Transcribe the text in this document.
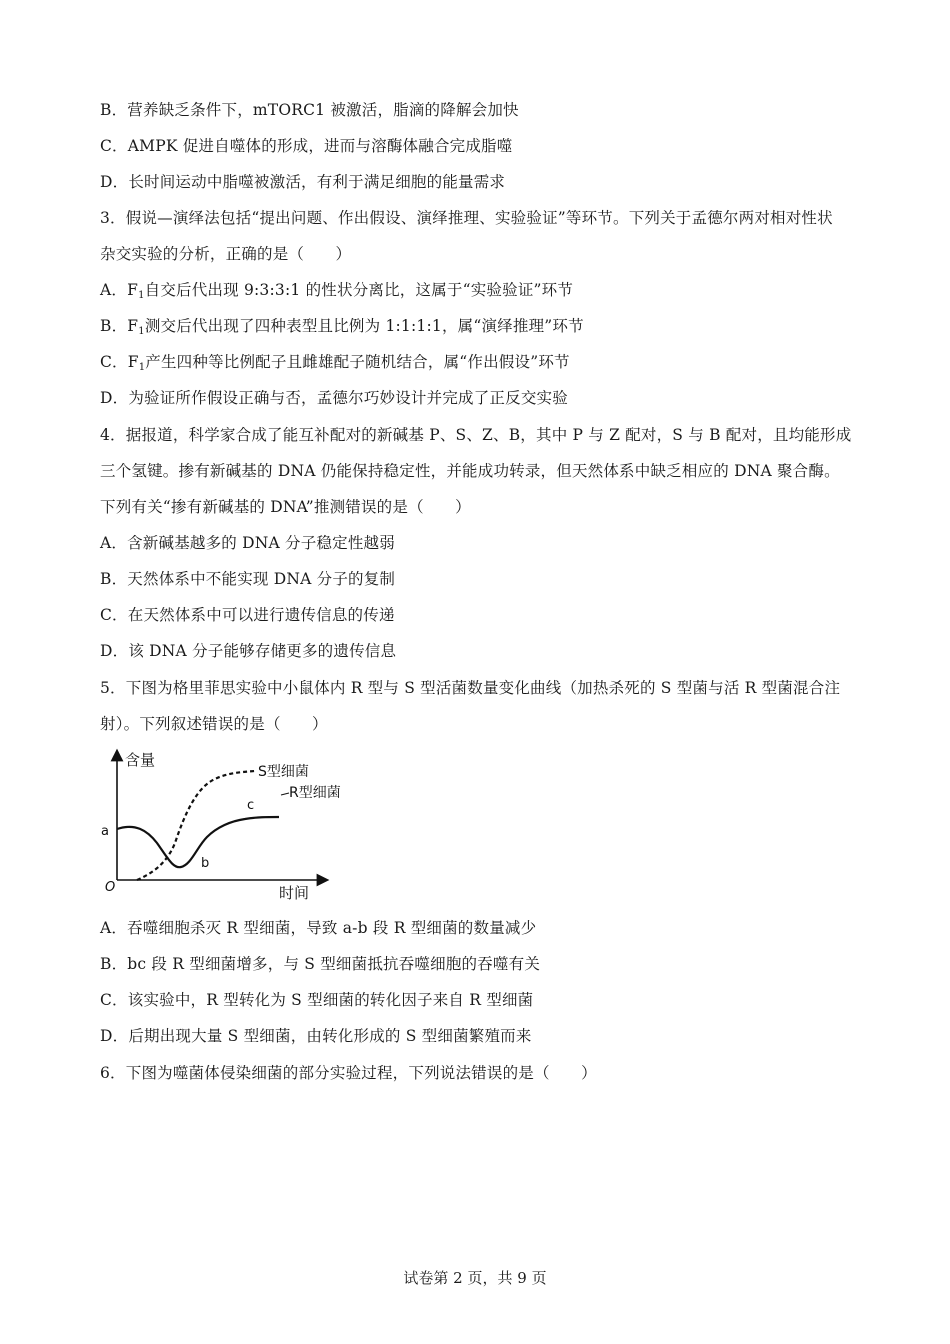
B．营养缺乏条件下，mTORC1 被激活，脂滴的降解会加快
C．AMPK 促进自噬体的形成，进而与溶酶体融合完成脂噬
D．长时间运动中脂噬被激活，有利于满足细胞的能量需求
3．假说—演绎法包括“提出问题、作出假设、演绎推理、实验验证”等环节。下列关于孟德尔两对相对性状
杂交实验的分析，正确的是（　　）
A．$F_1$自交后代出现 9:3:3:1 的性状分离比，这属于“实验验证”环节
B．$F_1$测交后代出现了四种表型且比例为 1:1:1:1，属“演绎推理”环节
C．$F_1$产生四种等比例配子且雌雄配子随机结合，属“作出假设”环节
D．为验证所作假设正确与否，孟德尔巧妙设计并完成了正反交实验
4．据报道，科学家合成了能互补配对的新碱基 P、S、Z、B，其中 P 与 Z 配对，S 与 B 配对，且均能形成
三个氢键。掺有新碱基的 DNA 仍能保持稳定性，并能成功转录，但天然体系中缺乏相应的 DNA 聚合酶。
下列有关“掺有新碱基的 DNA”推测错误的是（　　）
A．含新碱基越多的 DNA 分子稳定性越弱
B．天然体系中不能实现 DNA 分子的复制
C．在天然体系中可以进行遗传信息的传递
D．该 DNA 分子能够存储更多的遗传信息
5．下图为格里菲思实验中小鼠体内 R 型与 S 型活菌数量变化曲线（加热杀死的 S 型菌与活 R 型菌混合注
射）。下列叙述错误的是（　　）
含量
时间
O
S型细菌
R型细菌
a
b
c
A．吞噬细胞杀灭 R 型细菌，导致 a-b 段 R 型细菌的数量减少
B．bc 段 R 型细菌增多，与 S 型细菌抵抗吞噬细胞的吞噬有关
C．该实验中，R 型转化为 S 型细菌的转化因子来自 R 型细菌
D．后期出现大量 S 型细菌，由转化形成的 S 型细菌繁殖而来
6．下图为噬菌体侵染细菌的部分实验过程，下列说法错误的是（　　）
试卷第 2 页，共 9 页
